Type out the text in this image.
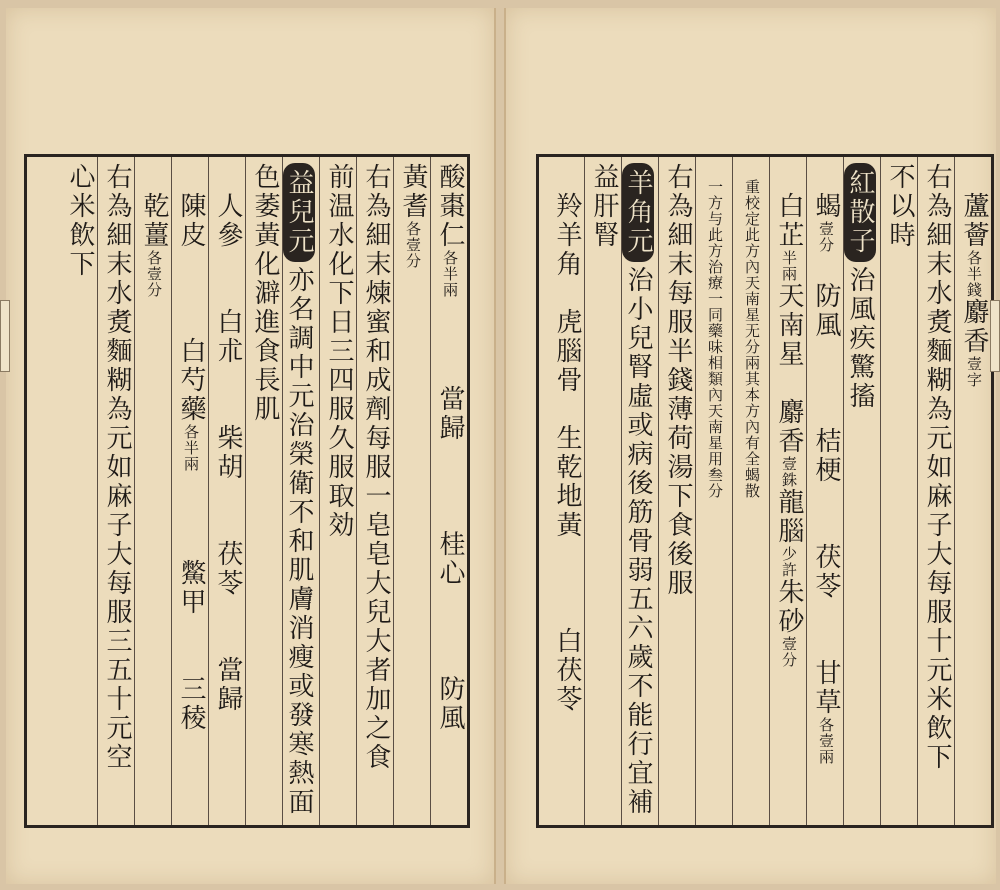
酸棗仁各半兩　　　當歸　　　桂心　　　防風
黃耆各壹分
右為細末煉蜜和成劑每服一皂皂大兒大者加之食
前温水化下日三四服久服取効
益兒元亦名調中元治榮衛不和肌膚消瘦或發寒熱面
色萎黃化澼進食長肌
　人參　　白朮　　柴胡　　茯苓　　當歸
　陳皮　　　白芍藥各半兩　　　鱉甲　　三稜
　乾薑各壹分
右為細末水煑麵糊為元如麻子大每服三五十元空
心米飲下	　蘆薈各半錢麝香壹字
右為細末水煑麵糊為元如麻子大每服十元米飲下
不以時
紅散子治風疾驚搐
　蝎壹分　防風　　　桔梗　　茯苓　　甘草各壹兩
　白芷半兩天南星　麝香壹銖龍腦少許朱砂壹分
　重校定此方內天南星无分兩其本方內有全蝎散
　一方与此方治療一同藥味相類內天南星用叁分
右為細末每服半錢薄荷湯下食後服
羊角元治小兒腎虛或病後筋骨弱五六歲不能行宜補
益肝腎
　羚羊角　虎腦骨　生乾地黃　　　白茯苓
